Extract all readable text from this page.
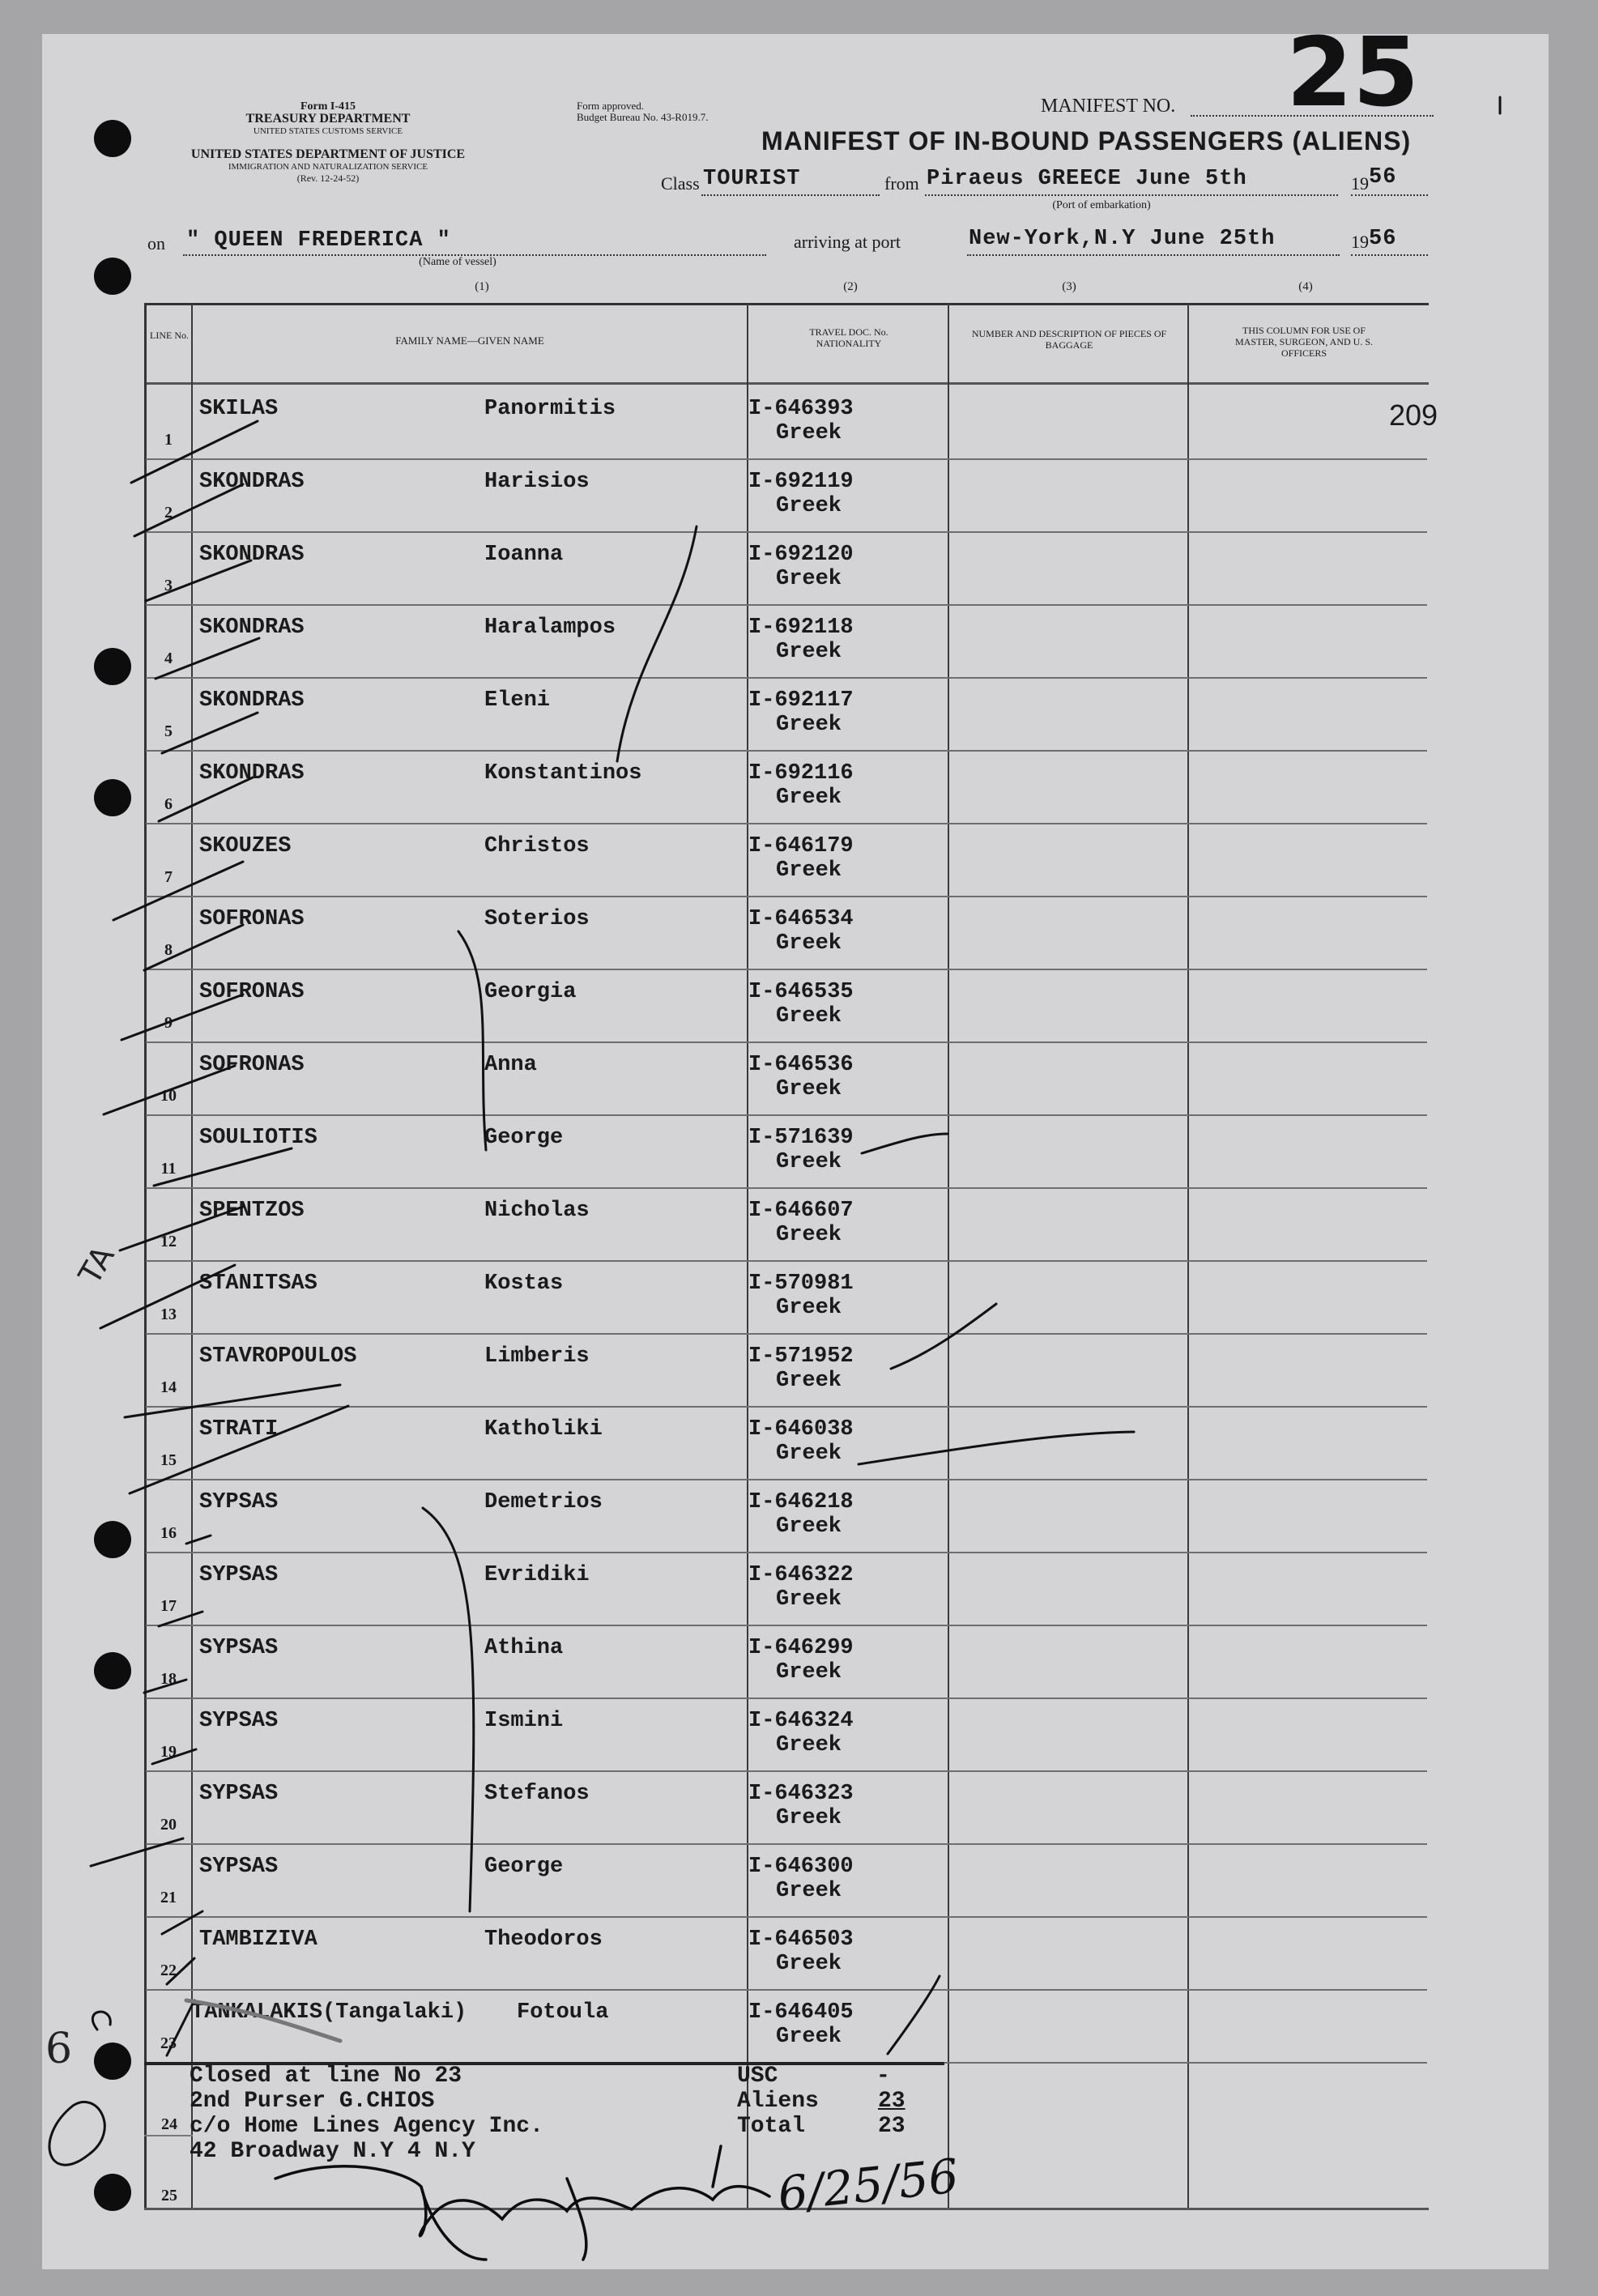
25
Form I-415
TREASURY DEPARTMENT
UNITED STATES CUSTOMS SERVICE
UNITED STATES DEPARTMENT OF JUSTICE
IMMIGRATION AND NATURALIZATION SERVICE
(Rev. 12-24-52)
Form approved.
Budget Bureau No. 43-R019.7.
MANIFEST NO.
MANIFEST OF IN-BOUND PASSENGERS (ALIENS)
Class TOURIST	from Piraeus GREECE June 5th	19 56
(Port of embarkation)
on " QUEEN FREDERICA "
(Name of vessel)
arriving at port	New-York,N.Y June 25th	19 56
(1)	(2)	(3)	(4)
LINE No.	FAMILY NAME—GIVEN NAME
TRAVEL DOC. No. NATIONALITY
NUMBER AND DESCRIPTION OF PIECES OF BAGGAGE
THIS COLUMN FOR USE OF MASTER, SURGEON, AND U. S. OFFICERS
1
SKILAS	Panormitis	I-646393
Greek
209
2
SKONDRAS	Harisios	I-692119
Greek
3
SKONDRAS	Ioanna	I-692120
Greek
4
SKONDRAS	Haralampos	I-692118
Greek
5
SKONDRAS	Eleni	I-692117
Greek
6
SKONDRAS	Konstantinos	I-692116
Greek
7
SKOUZES	Christos	I-646179
Greek
8
SOFRONAS	Soterios	I-646534
Greek
9
SOFRONAS	Georgia	I-646535
Greek
10
SOFRONAS	Anna	I-646536
Greek
11
SOULIOTIS	George	I-571639
Greek
12
SPENTZOS	Nicholas	I-646607
Greek
13
STANITSAS	Kostas	I-570981
Greek
14
STAVROPOULOS	Limberis	I-571952
Greek
15
STRATI	Katholiki	I-646038
Greek
16
SYPSAS	Demetrios	I-646218
Greek
17
SYPSAS	Evridiki	I-646322
Greek
18
SYPSAS	Athina	I-646299
Greek
19
SYPSAS	Ismini	I-646324
Greek
20
SYPSAS	Stefanos	I-646323
Greek
21
SYPSAS	George	I-646300
Greek
22
TAMBIZIVA	Theodoros	I-646503
Greek
23
TANKALAKIS(Tangalaki) Fotoula	I-646405
Greek
Closed at line No 23
2nd Purser G.CHIOS
c/o Home Lines Agency Inc.
42 Broadway N.Y 4 N.Y
USC	-
Aliens	23
Total	23
24
25
TA
6
6/25/56
